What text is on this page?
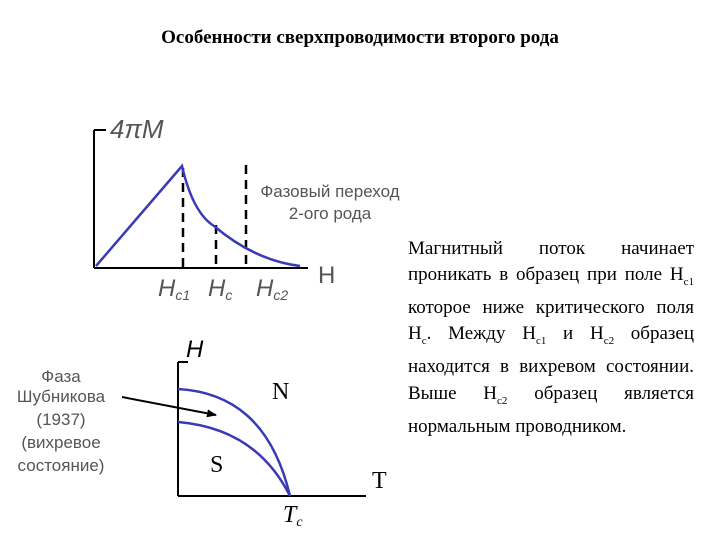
Особенности сверхпроводимости второго рода
4πM
H
Hc1 Hc Hc2
Фазовый переход
2-ого рода
H
T
Tc
N
S
Фаза
Шубникова
(1937)
(вихревое
состояние)

Магнитный поток начинает проникать в образец при поле $H_{c1}$ которое ниже критического поля $H_c$. Между $H_{c1}$ и $H_{c2}$ образец находится в вихревом состоянии. Выше $H_{c2}$ образец является нормальным проводником.
